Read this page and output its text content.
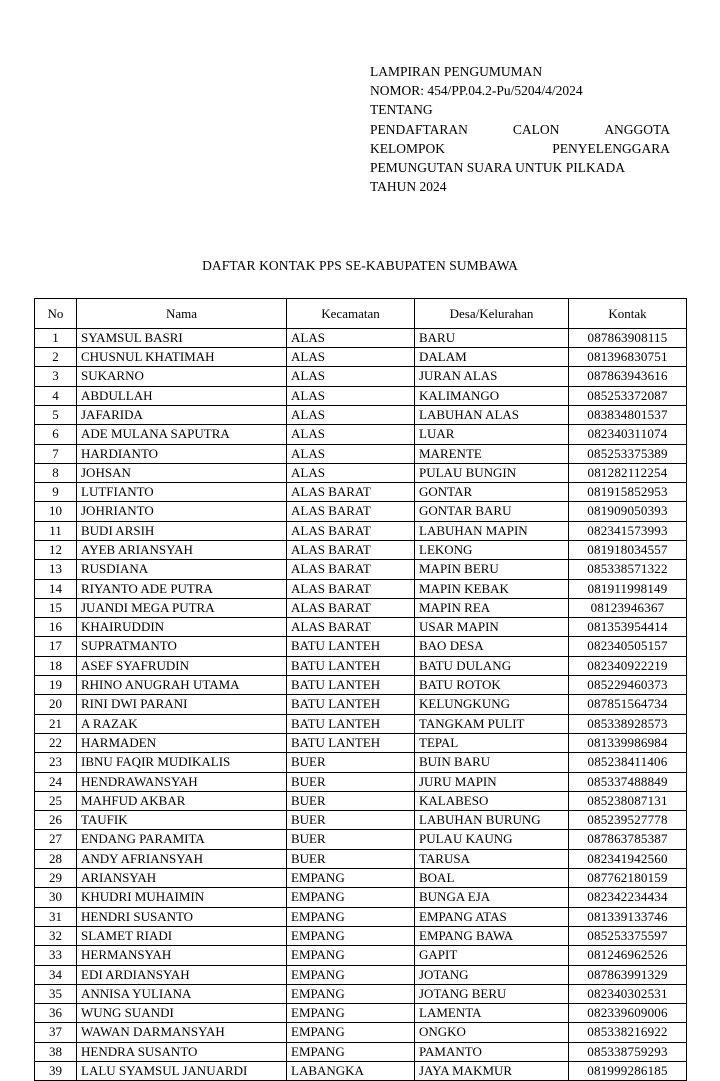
LAMPIRAN PENGUMUMAN
NOMOR: 454/PP.04.2-Pu/5204/4/2024
TENTANG
PENDAFTARAN	CALON	ANGGOTA
KELOMPOK	PENYELENGGARA
PEMUNGUTAN SUARA UNTUK PILKADA
TAHUN 2024
DAFTAR KONTAK PPS SE-KABUPATEN SUMBAWA
No	Nama	Kecamatan	Desa/Kelurahan	Kontak
1	SYAMSUL BASRI	ALAS	BARU	087863908115
2	CHUSNUL KHATIMAH	ALAS	DALAM	081396830751
3	SUKARNO	ALAS	JURAN ALAS	087863943616
4	ABDULLAH	ALAS	KALIMANGO	085253372087
5	JAFARIDA	ALAS	LABUHAN ALAS	083834801537
6	ADE MULANA SAPUTRA	ALAS	LUAR	082340311074
7	HARDIANTO	ALAS	MARENTE	085253375389
8	JOHSAN	ALAS	PULAU BUNGIN	081282112254
9	LUTFIANTO	ALAS BARAT	GONTAR	081915852953
10	JOHRIANTO	ALAS BARAT	GONTAR BARU	081909050393
11	BUDI ARSIH	ALAS BARAT	LABUHAN MAPIN	082341573993
12	AYEB ARIANSYAH	ALAS BARAT	LEKONG	081918034557
13	RUSDIANA	ALAS BARAT	MAPIN BERU	085338571322
14	RIYANTO ADE PUTRA	ALAS BARAT	MAPIN KEBAK	081911998149
15	JUANDI MEGA PUTRA	ALAS BARAT	MAPIN REA	08123946367
16	KHAIRUDDIN	ALAS BARAT	USAR MAPIN	081353954414
17	SUPRATMANTO	BATU LANTEH	BAO DESA	082340505157
18	ASEF SYAFRUDIN	BATU LANTEH	BATU DULANG	082340922219
19	RHINO ANUGRAH UTAMA	BATU LANTEH	BATU ROTOK	085229460373
20	RINI DWI PARANI	BATU LANTEH	KELUNGKUNG	087851564734
21	A RAZAK	BATU LANTEH	TANGKAM PULIT	085338928573
22	HARMADEN	BATU LANTEH	TEPAL	081339986984
23	IBNU FAQIR MUDIKALIS	BUER	BUIN BARU	085238411406
24	HENDRAWANSYAH	BUER	JURU MAPIN	085337488849
25	MAHFUD AKBAR	BUER	KALABESO	085238087131
26	TAUFIK	BUER	LABUHAN BURUNG	085239527778
27	ENDANG PARAMITA	BUER	PULAU KAUNG	087863785387
28	ANDY AFRIANSYAH	BUER	TARUSA	082341942560
29	ARIANSYAH	EMPANG	BOAL	087762180159
30	KHUDRI MUHAIMIN	EMPANG	BUNGA EJA	082342234434
31	HENDRI SUSANTO	EMPANG	EMPANG ATAS	081339133746
32	SLAMET RIADI	EMPANG	EMPANG BAWA	085253375597
33	HERMANSYAH	EMPANG	GAPIT	081246962526
34	EDI ARDIANSYAH	EMPANG	JOTANG	087863991329
35	ANNISA YULIANA	EMPANG	JOTANG BERU	082340302531
36	WUNG SUANDI	EMPANG	LAMENTA	082339609006
37	WAWAN DARMANSYAH	EMPANG	ONGKO	085338216922
38	HENDRA SUSANTO	EMPANG	PAMANTO	085338759293
39	LALU SYAMSUL JANUARDI	LABANGKA	JAYA MAKMUR	081999286185
